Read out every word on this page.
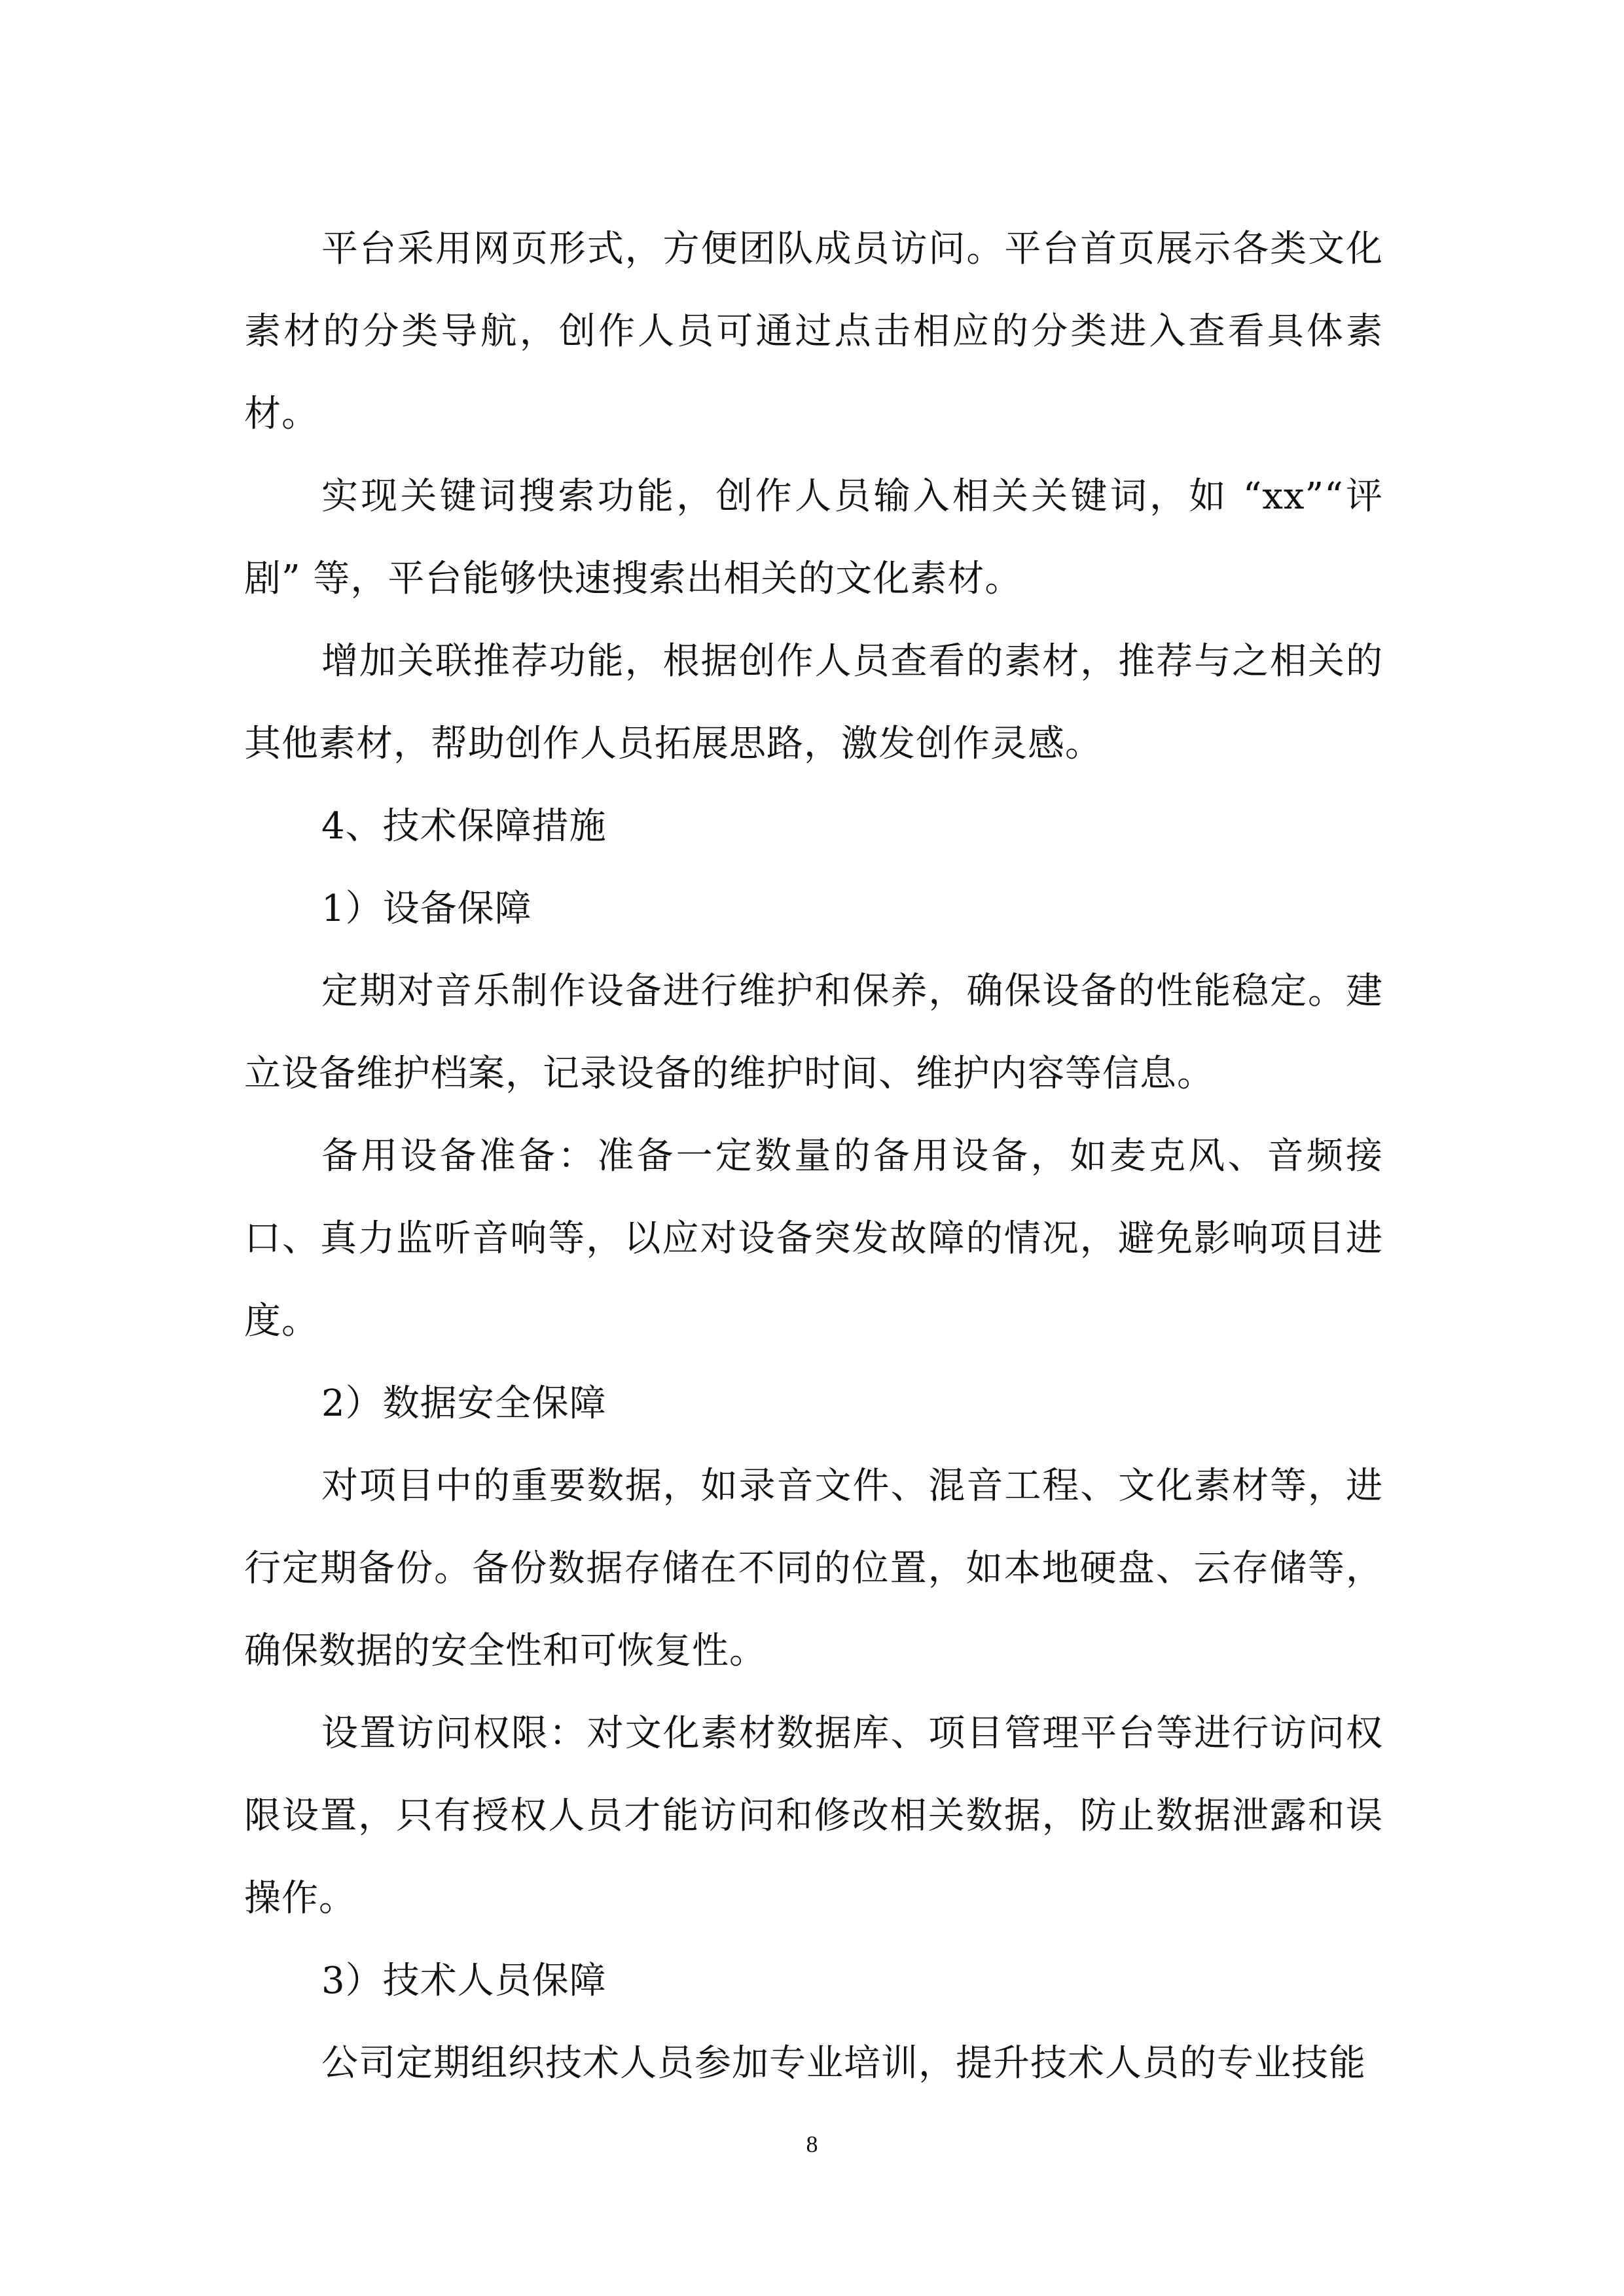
平台采用网页形式，方便团队成员访问。平台首页展示各类文化素材的分类导航，创作人员可通过点击相应的分类进入查看具体素材。

实现关键词搜索功能，创作人员输入相关关键词，如 “xx”“评剧” 等，平台能够快速搜索出相关的文化素材。

增加关联推荐功能，根据创作人员查看的素材，推荐与之相关的其他素材，帮助创作人员拓展思路，激发创作灵感。

4、技术保障措施

1）设备保障

定期对音乐制作设备进行维护和保养，确保设备的性能稳定。建立设备维护档案，记录设备的维护时间、维护内容等信息。

备用设备准备：准备一定数量的备用设备，如麦克风、音频接口、真力监听音响等，以应对设备突发故障的情况，避免影响项目进度。

2）数据安全保障

对项目中的重要数据，如录音文件、混音工程、文化素材等，进行定期备份。备份数据存储在不同的位置，如本地硬盘、云存储等，确保数据的安全性和可恢复性。

设置访问权限：对文化素材数据库、项目管理平台等进行访问权限设置，只有授权人员才能访问和修改相关数据，防止数据泄露和误操作。

3）技术人员保障

公司定期组织技术人员参加专业培训，提升技术人员的专业技能

8
